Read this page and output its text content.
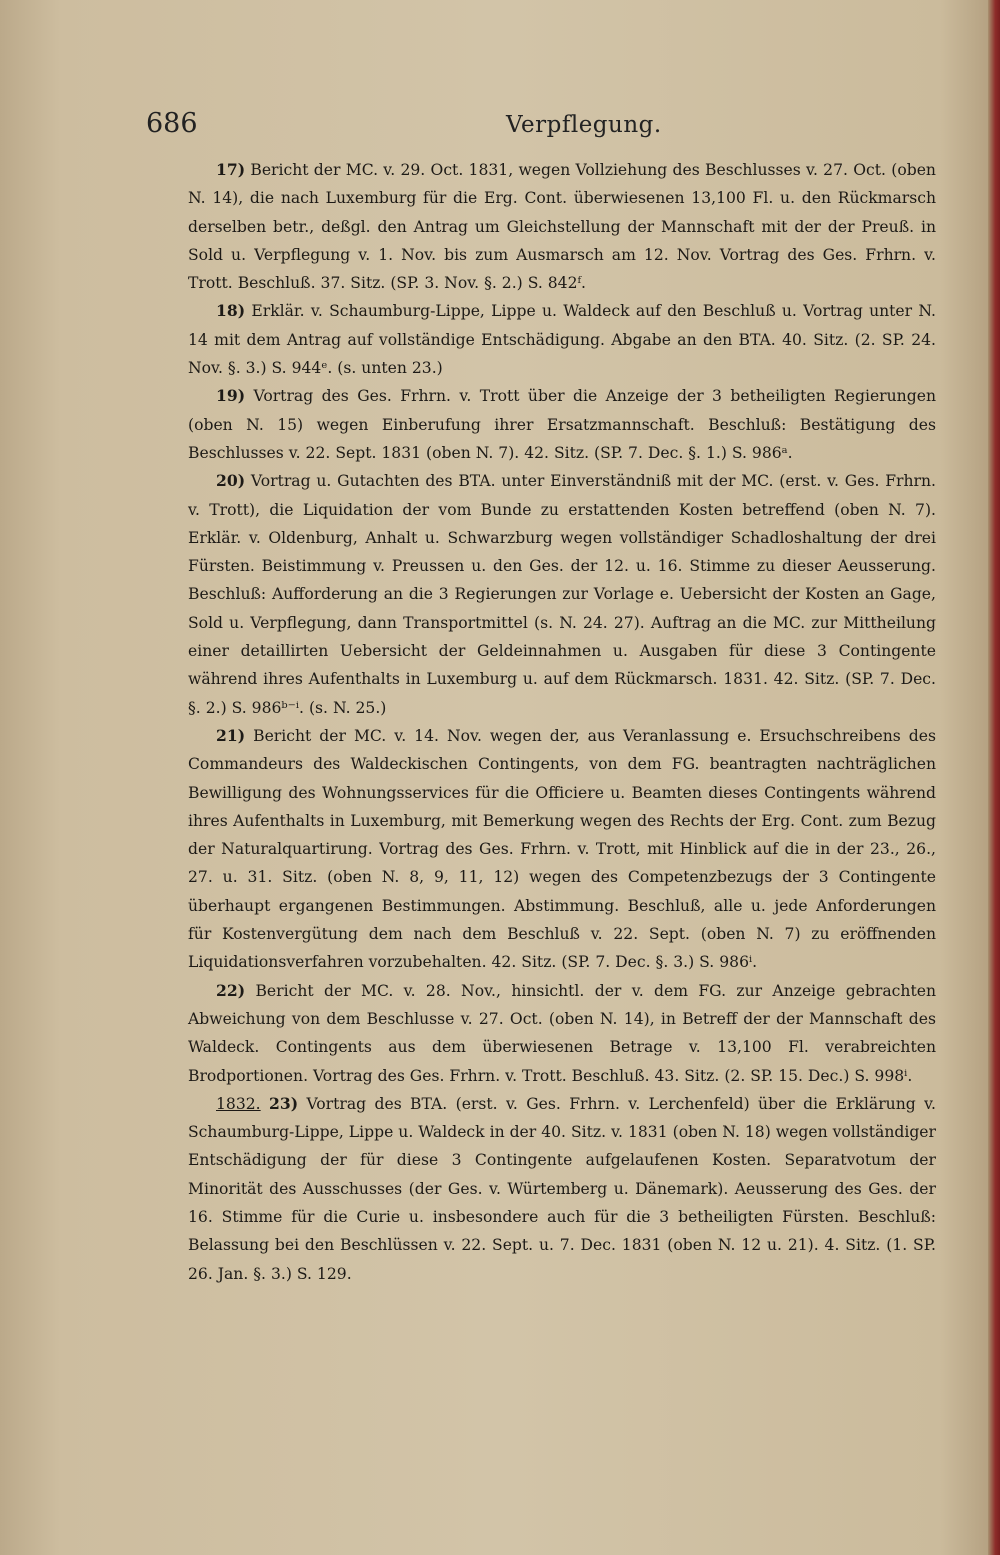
686	Verpflegung.

17) Bericht der MC. v. 29. Oct. 1831, wegen Vollziehung des Beschlusses v. 27. Oct. (oben N. 14), die nach Luxemburg für die Erg. Cont. überwiesenen 13,100 Fl. u. den Rückmarsch derselben betr., deßgl. den Antrag um Gleichstellung der Mannschaft mit der der Preuß. in Sold u. Verpflegung v. 1. Nov. bis zum Ausmarsch am 12. Nov. Vortrag des Ges. Frhrn. v. Trott. Beschluß. 37. Sitz. (SP. 3. Nov. §. 2.) S. 842ᶠ.

18) Erklär. v. Schaumburg-Lippe, Lippe u. Waldeck auf den Beschluß u. Vortrag unter N. 14 mit dem Antrag auf vollständige Entschädigung. Abgabe an den BTA. 40. Sitz. (2. SP. 24. Nov. §. 3.) S. 944ᵉ. (s. unten 23.)

19) Vortrag des Ges. Frhrn. v. Trott über die Anzeige der 3 betheiligten Regierungen (oben N. 15) wegen Einberufung ihrer Ersatzmannschaft. Beschluß: Bestätigung des Beschlusses v. 22. Sept. 1831 (oben N. 7). 42. Sitz. (SP. 7. Dec. §. 1.) S. 986ᵃ.

20) Vortrag u. Gutachten des BTA. unter Einverständniß mit der MC. (erst. v. Ges. Frhrn. v. Trott), die Liquidation der vom Bunde zu erstattenden Kosten betreffend (oben N. 7). Erklär. v. Oldenburg, Anhalt u. Schwarzburg wegen vollständiger Schadloshaltung der drei Fürsten. Beistimmung v. Preussen u. den Ges. der 12. u. 16. Stimme zu dieser Aeusserung. Beschluß: Aufforderung an die 3 Regierungen zur Vorlage e. Uebersicht der Kosten an Gage, Sold u. Verpflegung, dann Transportmittel (s. N. 24. 27). Auftrag an die MC. zur Mittheilung einer detaillirten Uebersicht der Geldeinnahmen u. Ausgaben für diese 3 Contingente während ihres Aufenthalts in Luxemburg u. auf dem Rückmarsch. 1831. 42. Sitz. (SP. 7. Dec. §. 2.) S. 986ᵇ⁻ⁱ. (s. N. 25.)

21) Bericht der MC. v. 14. Nov. wegen der, aus Veranlassung e. Ersuchschreibens des Commandeurs des Waldeckischen Contingents, von dem FG. beantragten nachträglichen Bewilligung des Wohnungsservices für die Officiere u. Beamten dieses Contingents während ihres Aufenthalts in Luxemburg, mit Bemerkung wegen des Rechts der Erg. Cont. zum Bezug der Naturalquartirung. Vortrag des Ges. Frhrn. v. Trott, mit Hinblick auf die in der 23., 26., 27. u. 31. Sitz. (oben N. 8, 9, 11, 12) wegen des Competenzbezugs der 3 Contingente überhaupt ergangenen Bestimmungen. Abstimmung. Beschluß, alle u. jede Anforderungen für Kostenvergütung dem nach dem Beschluß v. 22. Sept. (oben N. 7) zu eröffnenden Liquidationsverfahren vorzubehalten. 42. Sitz. (SP. 7. Dec. §. 3.) S. 986ⁱ.

22) Bericht der MC. v. 28. Nov., hinsichtl. der v. dem FG. zur Anzeige gebrachten Abweichung von dem Beschlusse v. 27. Oct. (oben N. 14), in Betreff der der Mannschaft des Waldeck. Contingents aus dem überwiesenen Betrage v. 13,100 Fl. verabreichten Brodportionen. Vortrag des Ges. Frhrn. v. Trott. Beschluß. 43. Sitz. (2. SP. 15. Dec.) S. 998ⁱ.

1832. 23) Vortrag des BTA. (erst. v. Ges. Frhrn. v. Lerchenfeld) über die Erklärung v. Schaumburg-Lippe, Lippe u. Waldeck in der 40. Sitz. v. 1831 (oben N. 18) wegen vollständiger Entschädigung der für diese 3 Contingente aufgelaufenen Kosten. Separatvotum der Minorität des Ausschusses (der Ges. v. Würtemberg u. Dänemark). Aeusserung des Ges. der 16. Stimme für die Curie u. insbesondere auch für die 3 betheiligten Fürsten. Beschluß: Belassung bei den Beschlüssen v. 22. Sept. u. 7. Dec. 1831 (oben N. 12 u. 21). 4. Sitz. (1. SP. 26. Jan. §. 3.) S. 129.
